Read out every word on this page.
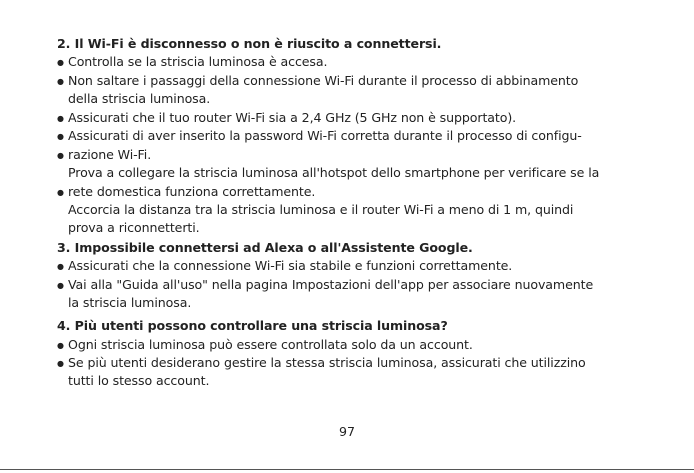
2. Il Wi-Fi è disconnesso o non è riuscito a connettersi.
● Controlla se la striscia luminosa è accesa.
● Non saltare i passaggi della connessione Wi-Fi durante il processo di abbinamento
della striscia luminosa.
● Assicurati che il tuo router Wi-Fi sia a 2,4 GHz (5 GHz non è supportato).
● Assicurati di aver inserito la password Wi-Fi corretta durante il processo di configu-
● razione Wi-Fi.
Prova a collegare la striscia luminosa all'hotspot dello smartphone per verificare se la
● rete domestica funziona correttamente.
Accorcia la distanza tra la striscia luminosa e il router Wi-Fi a meno di 1 m, quindi
prova a riconnetterti.
3. Impossibile connettersi ad Alexa o all'Assistente Google.
● Assicurati che la connessione Wi-Fi sia stabile e funzioni correttamente.
● Vai alla "Guida all'uso" nella pagina Impostazioni dell'app per associare nuovamente
la striscia luminosa.
4. Più utenti possono controllare una striscia luminosa?
● Ogni striscia luminosa può essere controllata solo da un account.
● Se più utenti desiderano gestire la stessa striscia luminosa, assicurati che utilizzino
tutti lo stesso account.
97
